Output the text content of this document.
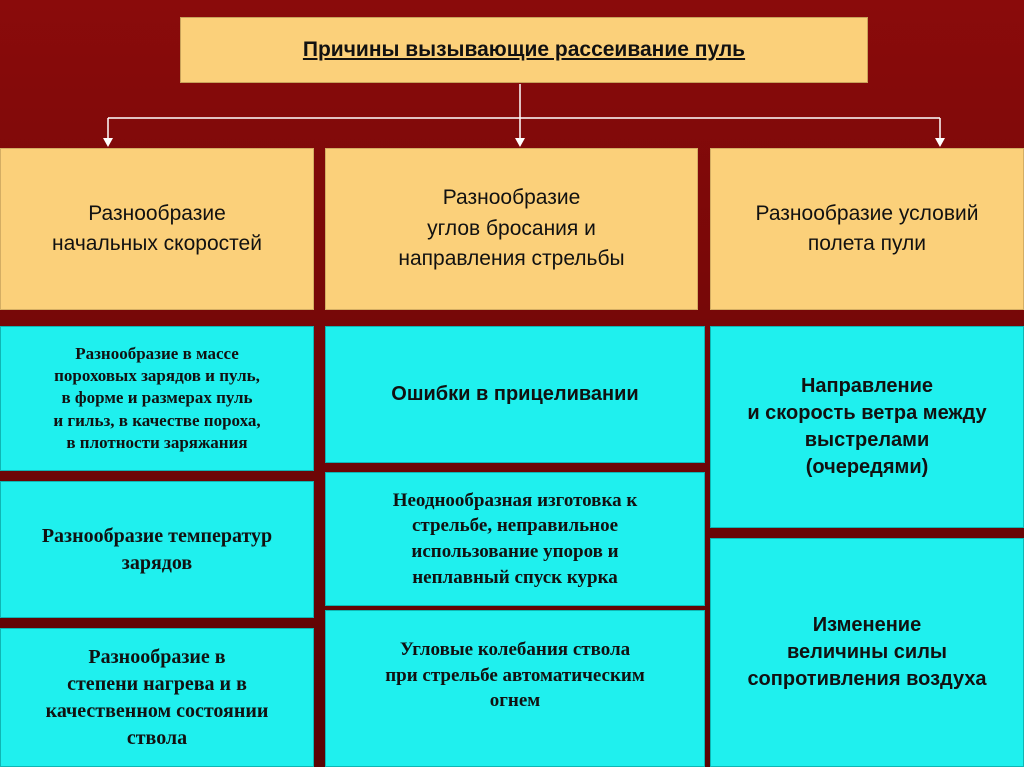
Причины вызывающие рассеивание пуль
Разнообразие
начальных скоростей
Разнообразие
углов бросания и
направления стрельбы
Разнообразие условий
полета пули
Разнообразие в массе
пороховых зарядов и пуль,
в форме и размерах пуль
и гильз, в качестве пороха,
в плотности заряжания
Разнообразие температур
зарядов
Разнообразие в
степени нагрева и в
качественном состоянии
ствола
Ошибки в прицеливании
Неоднообразная изготовка к
стрельбе, неправильное
использование упоров и
неплавный спуск курка
Угловые колебания ствола
при стрельбе автоматическим
огнем
Направление
и скорость ветра между
выстрелами
(очередями)
Изменение
величины силы
сопротивления воздуха
